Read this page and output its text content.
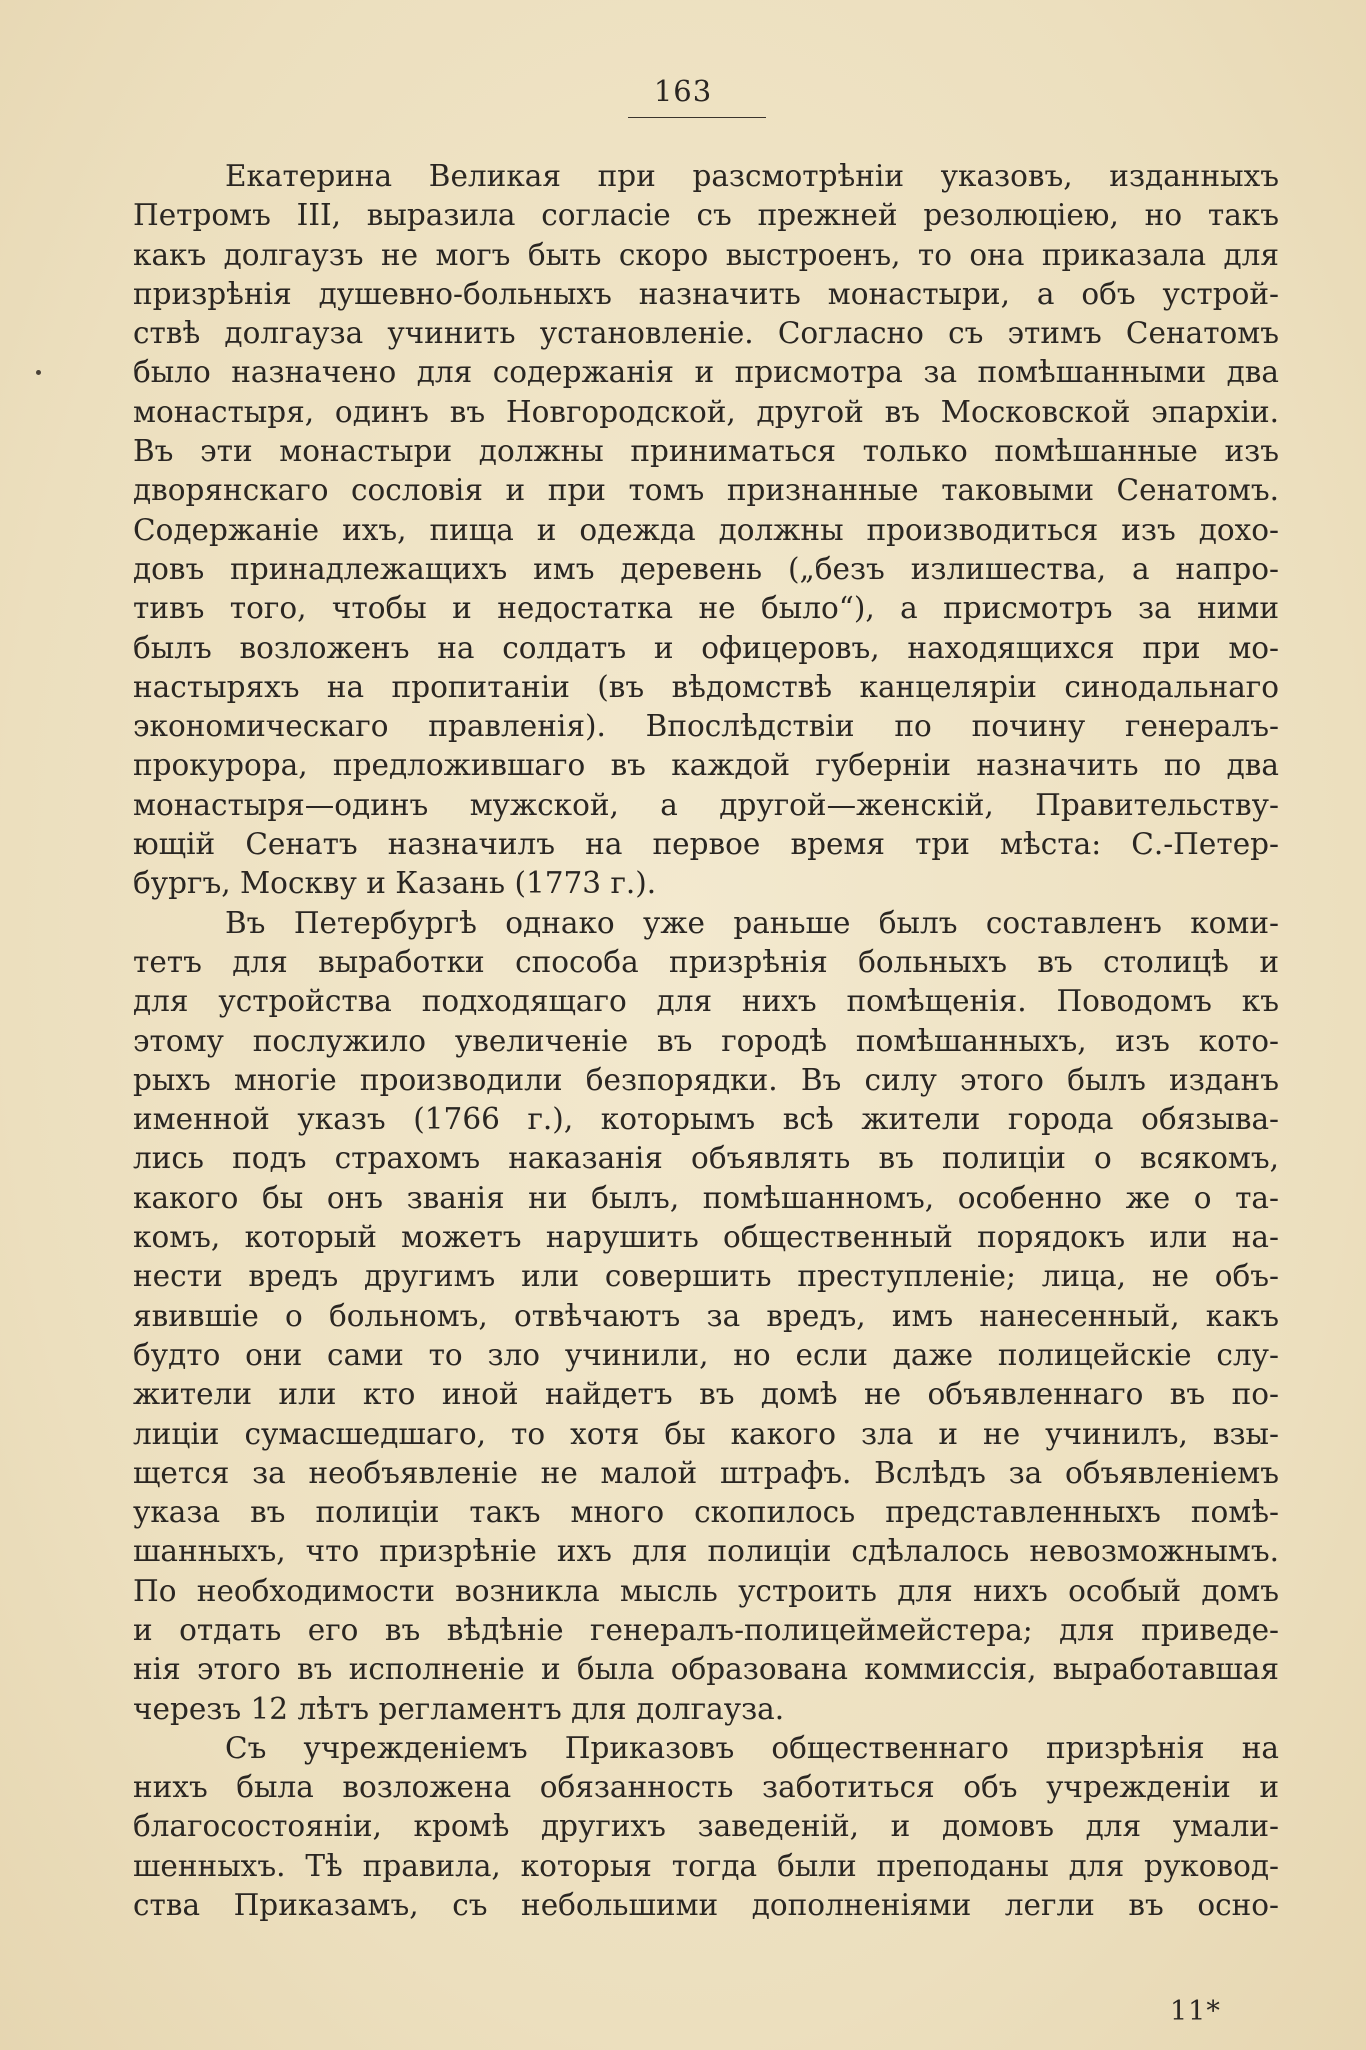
163
Екатерина Великая при разсмотрѣніи указовъ, изданныхъ
Петромъ III, выразила согласіе съ прежней резолюціею, но такъ
какъ долгаузъ не могъ быть скоро выстроенъ, то она приказала для
призрѣнія душевно-больныхъ назначить монастыри, а объ устрой-
ствѣ долгауза учинить установленіе. Согласно съ этимъ Сенатомъ
было назначено для содержанія и присмотра за помѣшанными два
монастыря, одинъ въ Новгородской, другой въ Московской эпархіи.
Въ эти монастыри должны приниматься только помѣшанные изъ
дворянскаго сословія и при томъ признанные таковыми Сенатомъ.
Содержаніе ихъ, пища и одежда должны производиться изъ дохо-
довъ принадлежащихъ имъ деревень („безъ излишества, а напро-
тивъ того, чтобы и недостатка не было“), а присмотръ за ними
былъ возложенъ на солдатъ и офицеровъ, находящихся при мо-
настыряхъ на пропитаніи (въ вѣдомствѣ канцеляріи синодальнаго
экономическаго правленія). Впослѣдствіи по почину генералъ-
прокурора, предложившаго въ каждой губерніи назначить по два
монастыря—одинъ мужской, а другой—женскій, Правительству-
ющій Сенатъ назначилъ на первое время три мѣста: С.-Петер-
бургъ, Москву и Казань (1773 г.).
Въ Петербургѣ однако уже раньше былъ составленъ коми-
тетъ для выработки способа призрѣнія больныхъ въ столицѣ и
для устройства подходящаго для нихъ помѣщенія. Поводомъ къ
этому послужило увеличеніе въ городѣ помѣшанныхъ, изъ кото-
рыхъ многіе производили безпорядки. Въ силу этого былъ изданъ
именной указъ (1766 г.), которымъ всѣ жители города обязыва-
лись подъ страхомъ наказанія объявлять въ полиціи о всякомъ,
какого бы онъ званія ни былъ, помѣшанномъ, особенно же о та-
комъ, который можетъ нарушить общественный порядокъ или на-
нести вредъ другимъ или совершить преступленіе; лица, не объ-
явившіе о больномъ, отвѣчаютъ за вредъ, имъ нанесенный, какъ
будто они сами то зло учинили, но если даже полицейскіе слу-
жители или кто иной найдетъ въ домѣ не объявленнаго въ по-
лиціи сумасшедшаго, то хотя бы какого зла и не учинилъ, взы-
щется за необъявленіе не малой штрафъ. Вслѣдъ за объявленіемъ
указа въ полиціи такъ много скопилось представленныхъ помѣ-
шанныхъ, что призрѣніе ихъ для полиціи сдѣлалось невозможнымъ.
По необходимости возникла мысль устроить для нихъ особый домъ
и отдать его въ вѣдѣніе генералъ-полицеймейстера; для приведе-
нія этого въ исполненіе и была образована коммиссія, выработавшая
черезъ 12 лѣтъ регламентъ для долгауза.
Съ учрежденіемъ Приказовъ общественнаго призрѣнія на
нихъ была возложена обязанность заботиться объ учрежденіи и
благосостояніи, кромѣ другихъ заведеній, и домовъ для умали-
шенныхъ. Тѣ правила, которыя тогда были преподаны для руковод-
ства Приказамъ, съ небольшими дополненіями легли въ осно-
11*
